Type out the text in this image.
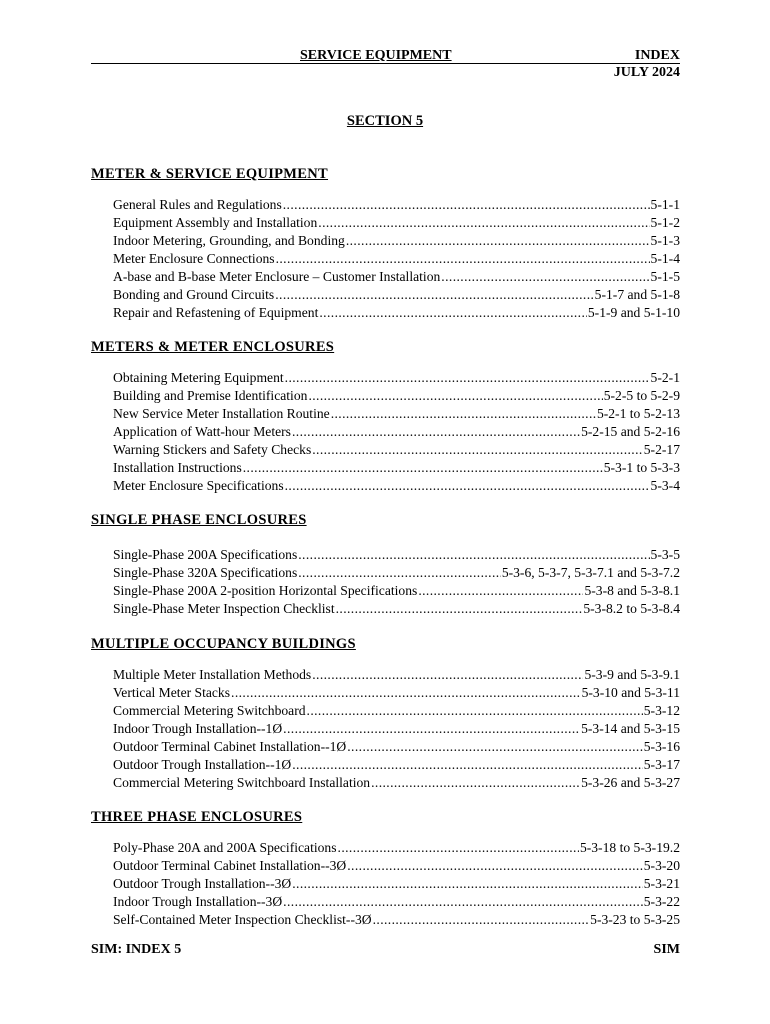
SERVICE EQUIPMENT	INDEX
JULY 2024
SECTION 5
METER & SERVICE EQUIPMENT
General Rules and Regulations .....	5-1-1
Equipment Assembly and Installation .....	5-1-2
Indoor Metering, Grounding, and Bonding .....	5-1-3
Meter Enclosure Connections .....	5-1-4
A-base and B-base Meter Enclosure – Customer Installation .....	5-1-5
Bonding and Ground Circuits .....	5-1-7 and 5-1-8
Repair and Refastening of Equipment .....	5-1-9 and 5-1-10
METERS & METER ENCLOSURES
Obtaining Metering Equipment .....	5-2-1
Building and Premise Identification .....	5-2-5 to 5-2-9
New Service Meter Installation Routine .....	5-2-1 to 5-2-13
Application of Watt-hour Meters .....	5-2-15 and 5-2-16
Warning Stickers and Safety Checks .....	5-2-17
Installation Instructions .....	5-3-1 to 5-3-3
Meter Enclosure Specifications .....	5-3-4
SINGLE PHASE ENCLOSURES
Single-Phase 200A Specifications .....	5-3-5
Single-Phase 320A Specifications .....	5-3-6, 5-3-7, 5-3-7.1 and 5-3-7.2
Single-Phase 200A 2-position Horizontal Specifications .....	5-3-8 and 5-3-8.1
Single-Phase Meter Inspection Checklist .....	5-3-8.2 to 5-3-8.4
MULTIPLE OCCUPANCY BUILDINGS
Multiple Meter Installation Methods .....	5-3-9 and 5-3-9.1
Vertical Meter Stacks .....	5-3-10 and 5-3-11
Commercial Metering Switchboard .....	5-3-12
Indoor Trough Installation--1Ø .....	5-3-14 and 5-3-15
Outdoor Terminal Cabinet Installation--1Ø .....	5-3-16
Outdoor Trough Installation--1Ø .....	5-3-17
Commercial Metering Switchboard Installation .....	5-3-26 and 5-3-27
THREE PHASE ENCLOSURES
Poly-Phase 20A and 200A Specifications .....	5-3-18 to 5-3-19.2
Outdoor Terminal Cabinet Installation--3Ø .....	5-3-20
Outdoor Trough Installation--3Ø .....	5-3-21
Indoor Trough Installation--3Ø .....	5-3-22
Self-Contained Meter Inspection Checklist--3Ø .....	5-3-23 to 5-3-25
SIM: INDEX 5	SIM
